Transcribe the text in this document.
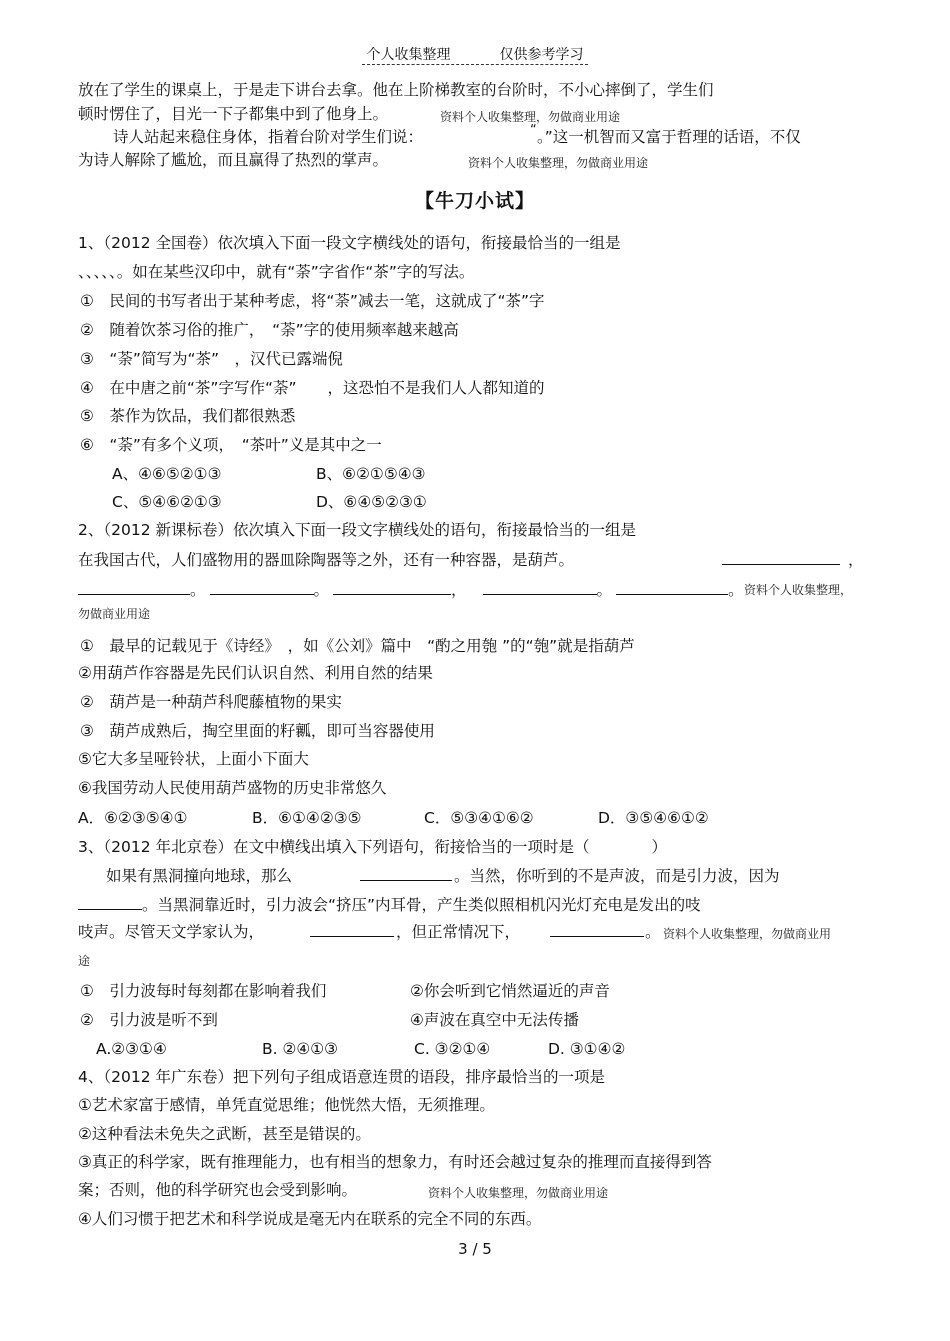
个人收集整理	仅供参考学习
放在了学生的课桌上，于是走下讲台去拿。他在上阶梯教室的台阶时，不小心摔倒了，学生们
顿时愣住了，目光一下子都集中到了他身上。	资料个人收集整理，勿做商业用途
诗人站起来稳住身体，指着台阶对学生们说：	“ 。”这一机智而又富于哲理的话语，不仅
为诗人解除了尴尬，而且赢得了热烈的掌声。	资料个人收集整理，勿做商业用途
【牛刀小试】
1、（2012 全国卷）依次填入下面一段文字横线处的语句，衔接最恰当的一组是
、、、、、。如在某些汉印中，就有“荼”字省作“茶”字的写法。
①　民间的书写者出于某种考虑，将“荼”减去一笔，这就成了“茶”字
②　随着饮茶习俗的推广，　“荼”字的使用频率越来越高
③　“荼”简写为“茶”　，汉代已露端倪
④　在中唐之前“茶”字写作“荼”　　，这恐怕不是我们人人都知道的
⑤　茶作为饮品，我们都很熟悉
⑥　“荼”有多个义项，　“茶叶”义是其中之一
A、④⑥⑤②①③	B、⑥②①⑤④③
C、⑤④⑥②①③	D、⑥④⑤②③①
2、（2012 新课标卷）依次填入下面一段文字横线处的语句，衔接最恰当的一组是
在我国古代，人们盛物用的器皿除陶器等之外，还有一种容器，是葫芦。	，
。	。	，	。	。 资料个人收集整理，
勿做商业用途
①　最早的记载见于《诗经》　，如《公刘》篇中　“酌之用匏 ”的“匏”就是指葫芦
②用葫芦作容器是先民们认识自然、利用自然的结果
②　葫芦是一种葫芦科爬藤植物的果实
③　葫芦成熟后，掏空里面的籽瓤，即可当容器使用
⑤它大多呈哑铃状，上面小下面大
⑥我国劳动人民使用葫芦盛物的历史非常悠久
A．⑥②③⑤④①	B．⑥①④②③⑤	C．⑤③④①⑥②	D．③⑤④⑥①②
3、（2012 年北京卷）在文中横线出填入下列语句，衔接恰当的一项时是（　　　　）
如果有黑洞撞向地球，那么	。当然，你听到的不是声波，而是引力波，因为
。当黑洞靠近时，引力波会“挤压”内耳骨，产生类似照相机闪光灯充电是发出的吱
吱声。尽管天文学家认为，	，但正常情况下，	。 资料个人收集整理，勿做商业用
途
①　引力波每时每刻都在影响着我们	②你会听到它悄然逼近的声音
②　引力波是听不到	④声波在真空中无法传播
A.②③①④	B. ②④①③	C. ③②①④	D. ③①④②
4、（2012 年广东卷）把下列句子组成语意连贯的语段，排序最恰当的一项是
①艺术家富于感情，单凭直觉思维；他恍然大悟，无须推理。
②这种看法未免失之武断，甚至是错误的。
③真正的科学家，既有推理能力，也有相当的想象力，有时还会越过复杂的推理而直接得到答
案；否则，他的科学研究也会受到影响。	资料个人收集整理，勿做商业用途
④人们习惯于把艺术和科学说成是毫无内在联系的完全不同的东西。
3 / 5
